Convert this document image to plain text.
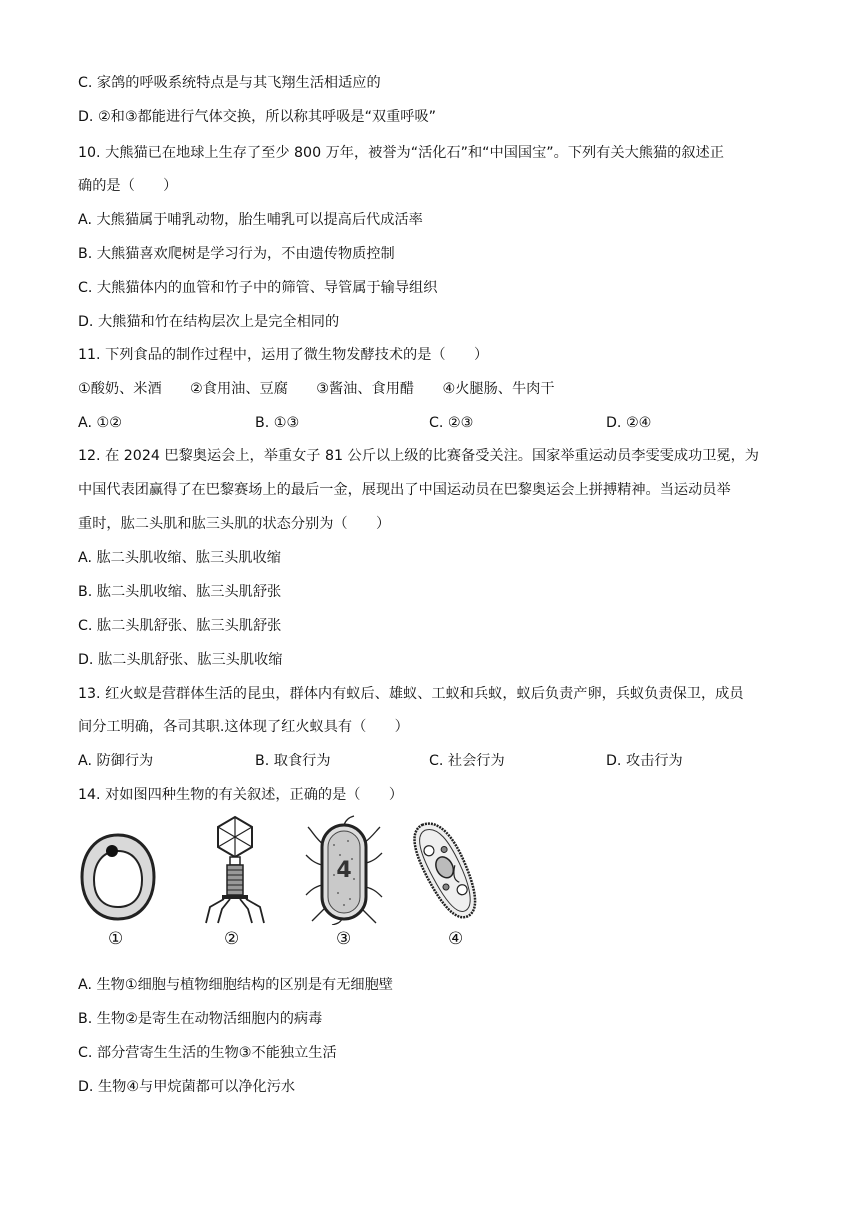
C. 家鸽的呼吸系统特点是与其飞翔生活相适应的
D. ②和③都能进行气体交换，所以称其呼吸是“双重呼吸”
10. 大熊猫已在地球上生存了至少 800 万年，被誉为“活化石”和“中国国宝”。下列有关大熊猫的叙述正
确的是（　　）
A. 大熊猫属于哺乳动物，胎生哺乳可以提高后代成活率
B. 大熊猫喜欢爬树是学习行为，不由遗传物质控制
C. 大熊猫体内的血管和竹子中的筛管、导管属于输导组织
D. 大熊猫和竹在结构层次上是完全相同的
11. 下列食品的制作过程中，运用了微生物发酵技术的是（　　）
①酸奶、米酒　　②食用油、豆腐　　③酱油、食用醋　　④火腿肠、牛肉干
A. ①②	B. ①③	C. ②③	D. ②④
12. 在 2024 巴黎奥运会上，举重女子 81 公斤以上级的比赛备受关注。国家举重运动员李雯雯成功卫冕，为
中国代表团赢得了在巴黎赛场上的最后一金，展现出了中国运动员在巴黎奥运会上拼搏精神。当运动员举
重时，肱二头肌和肱三头肌的状态分别为（　　）
A. 肱二头肌收缩、肱三头肌收缩
B. 肱二头肌收缩、肱三头肌舒张
C. 肱二头肌舒张、肱三头肌舒张
D. 肱二头肌舒张、肱三头肌收缩
13. 红火蚁是营群体生活的昆虫，群体内有蚁后、雄蚁、工蚁和兵蚁，蚁后负责产卵，兵蚁负责保卫，成员
间分工明确，各司其职.这体现了红火蚁具有（　　）
A. 防御行为	B. 取食行为	C. 社会行为	D. 攻击行为
14. 对如图四种生物的有关叙述，正确的是（　　）
①	②
4
③	④
A. 生物①细胞与植物细胞结构的区别是有无细胞壁
B. 生物②是寄生在动物活细胞内的病毒
C. 部分营寄生生活的生物③不能独立生活
D. 生物④与甲烷菌都可以净化污水
